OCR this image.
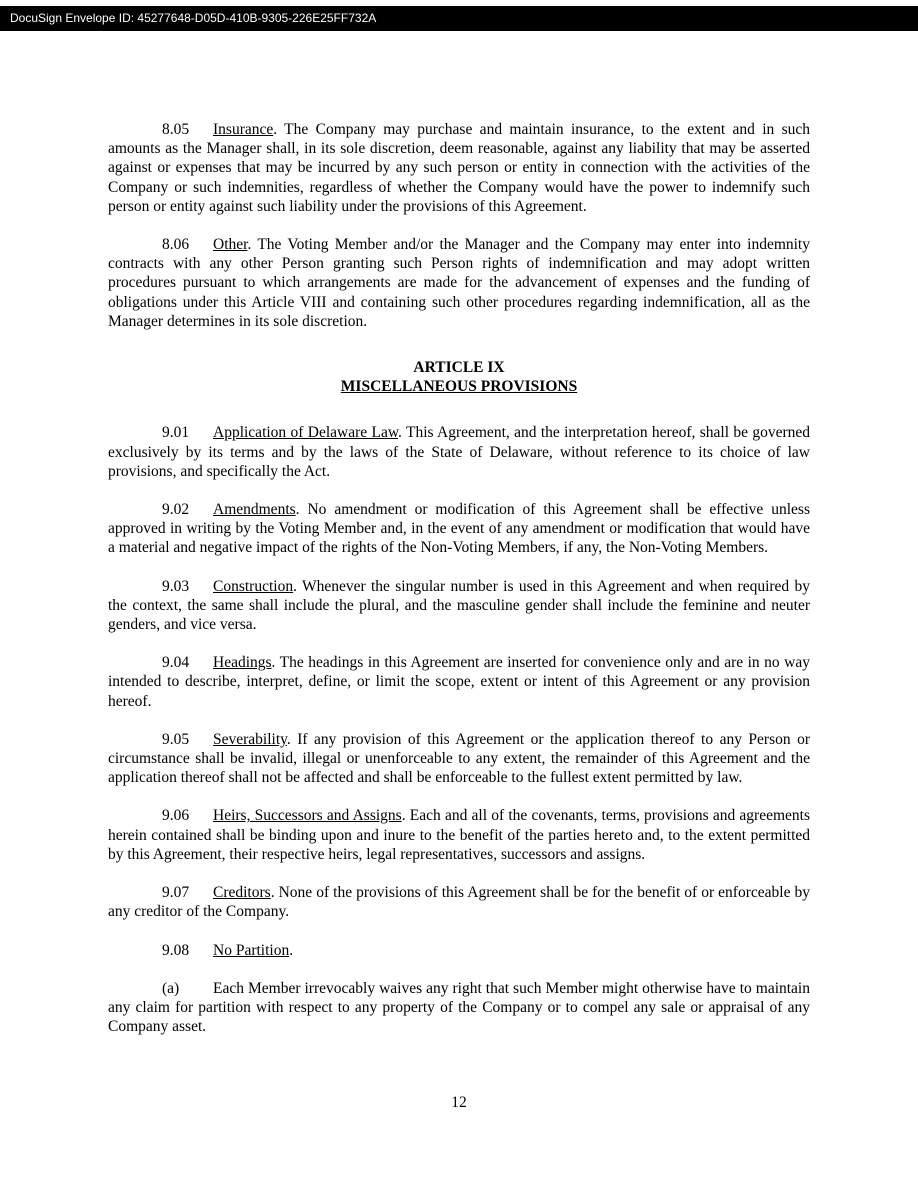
DocuSign Envelope ID: 45277648-D05D-410B-9305-226E25FF732A

8.05 Insurance. The Company may purchase and maintain insurance, to the extent and in such amounts as the Manager shall, in its sole discretion, deem reasonable, against any liability that may be asserted against or expenses that may be incurred by any such person or entity in connection with the activities of the Company or such indemnities, regardless of whether the Company would have the power to indemnify such person or entity against such liability under the provisions of this Agreement.

8.06 Other. The Voting Member and/or the Manager and the Company may enter into indemnity contracts with any other Person granting such Person rights of indemnification and may adopt written procedures pursuant to which arrangements are made for the advancement of expenses and the funding of obligations under this Article VIII and containing such other procedures regarding indemnification, all as the Manager determines in its sole discretion.

ARTICLE IX
MISCELLANEOUS PROVISIONS

9.01 Application of Delaware Law. This Agreement, and the interpretation hereof, shall be governed exclusively by its terms and by the laws of the State of Delaware, without reference to its choice of law provisions, and specifically the Act.

9.02 Amendments. No amendment or modification of this Agreement shall be effective unless approved in writing by the Voting Member and, in the event of any amendment or modification that would have a material and negative impact of the rights of the Non-Voting Members, if any, the Non-Voting Members.

9.03 Construction. Whenever the singular number is used in this Agreement and when required by the context, the same shall include the plural, and the masculine gender shall include the feminine and neuter genders, and vice versa.

9.04 Headings. The headings in this Agreement are inserted for convenience only and are in no way intended to describe, interpret, define, or limit the scope, extent or intent of this Agreement or any provision hereof.

9.05 Severability. If any provision of this Agreement or the application thereof to any Person or circumstance shall be invalid, illegal or unenforceable to any extent, the remainder of this Agreement and the application thereof shall not be affected and shall be enforceable to the fullest extent permitted by law.

9.06 Heirs, Successors and Assigns. Each and all of the covenants, terms, provisions and agreements herein contained shall be binding upon and inure to the benefit of the parties hereto and, to the extent permitted by this Agreement, their respective heirs, legal representatives, successors and assigns.

9.07 Creditors. None of the provisions of this Agreement shall be for the benefit of or enforceable by any creditor of the Company.

9.08 No Partition.

(a) Each Member irrevocably waives any right that such Member might otherwise have to maintain any claim for partition with respect to any property of the Company or to compel any sale or appraisal of any Company asset.

12
